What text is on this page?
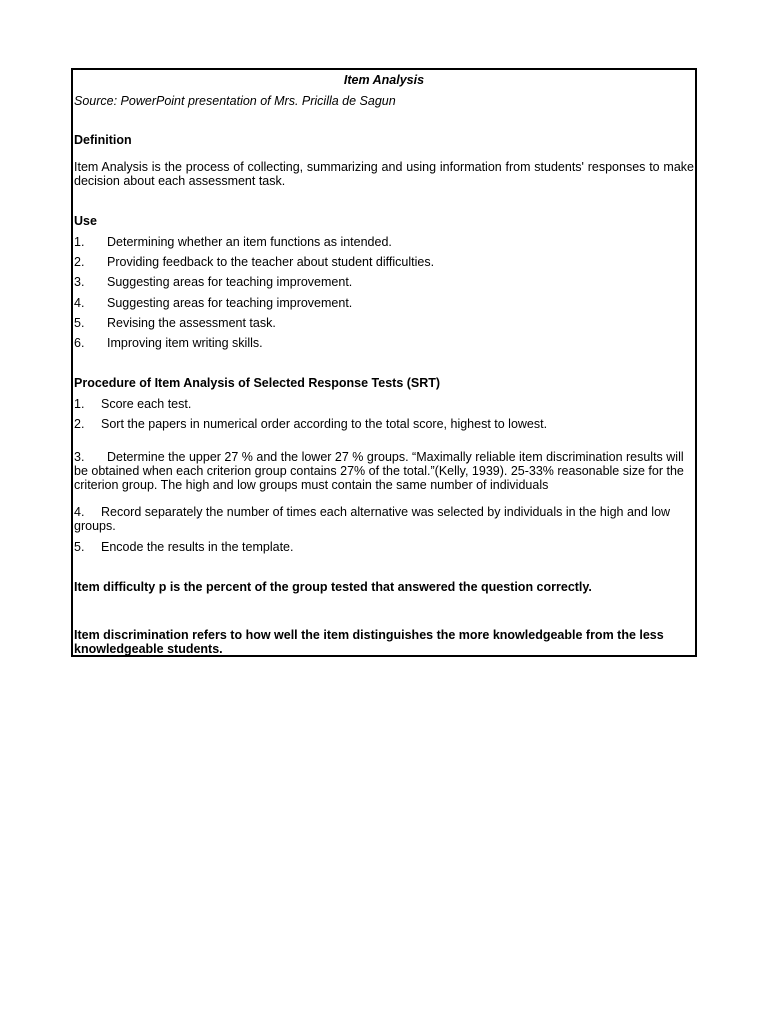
Item Analysis
Source: PowerPoint presentation of Mrs. Pricilla de Sagun
Definition
Item Analysis is the process of collecting, summarizing and using information from students' responses to make decision about each assessment task.
Use
1. Determining whether an item functions as intended.
2. Providing feedback to the teacher about student difficulties.
3. Suggesting areas for teaching improvement.
4. Suggesting areas for teaching improvement.
5. Revising the assessment task.
6. Improving item writing skills.
Procedure of Item Analysis of Selected Response Tests (SRT)
1. Score each test.
2. Sort the papers in numerical order according to the total score, highest to lowest.
3. Determine the upper 27 % and the lower 27 % groups. “Maximally reliable item discrimination results will be obtained when each criterion group contains 27% of the total.”(Kelly, 1939). 25-33% reasonable size for the criterion group. The high and low groups must contain the same number of individuals
4. Record separately the number of times each alternative was selected by individuals in the high and low groups.
5. Encode the results in the template.
Item difficulty p is the percent of the group tested that answered the question correctly.
Item discrimination refers to how well the item distinguishes the more knowledgeable from the less knowledgeable students.
